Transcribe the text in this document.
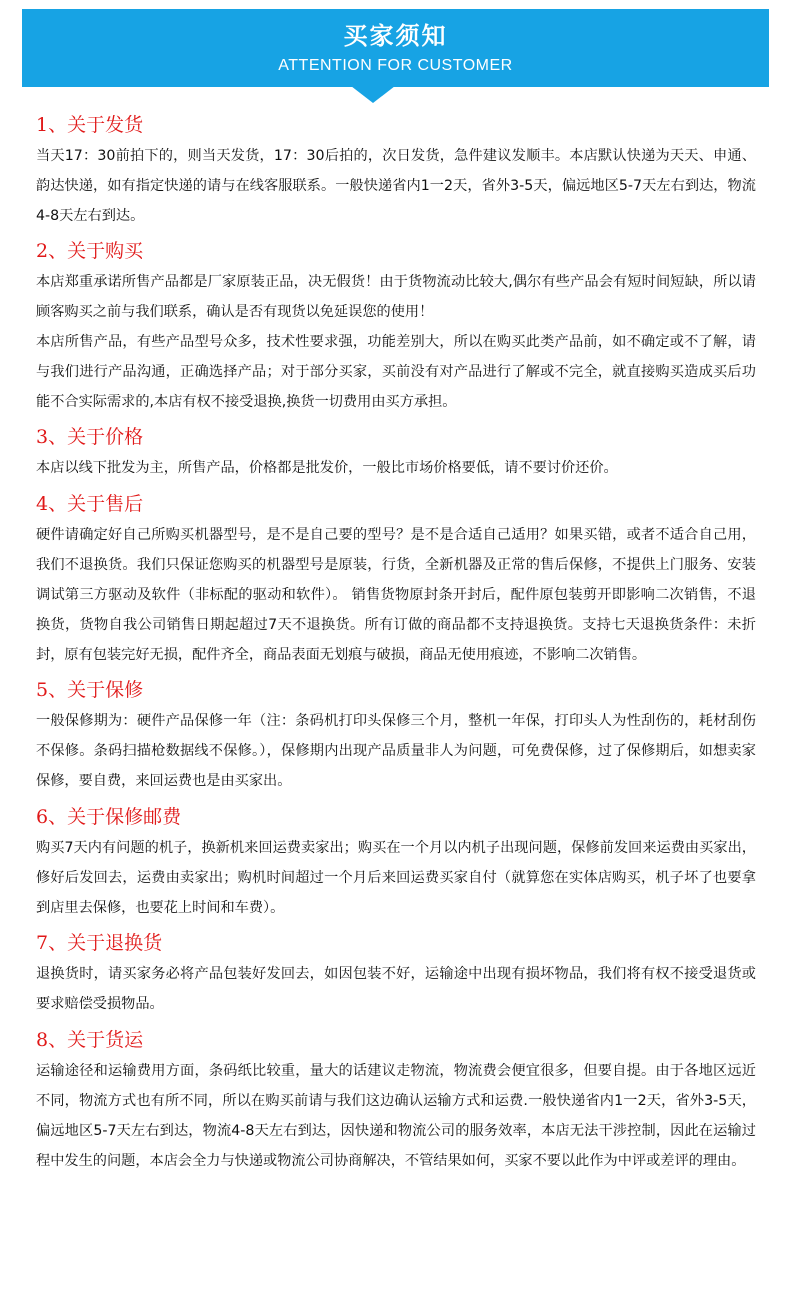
买家须知
ATTENTION FOR CUSTOMER
1、关于发货

当天17：30前拍下的，则当天发货，17：30后拍的，次日发货，急件建议发顺丰。本店默认快递为天天、申通、韵达快递，如有指定快递的请与在线客服联系。一般快递省内1一2天，省外3-5天，偏远地区5-7天左右到达，物流4-8天左右到达。

2、关于购买

本店郑重承诺所售产品都是厂家原装正品，决无假货！由于货物流动比较大,偶尔有些产品会有短时间短缺，所以请顾客购买之前与我们联系，确认是否有现货以免延误您的使用！

本店所售产品，有些产品型号众多，技术性要求强，功能差别大，所以在购买此类产品前，如不确定或不了解，请与我们进行产品沟通，正确选择产品；对于部分买家，买前没有对产品进行了解或不完全，就直接购买造成买后功能不合实际需求的,本店有权不接受退换,换货一切费用由买方承担。

3、关于价格

本店以线下批发为主，所售产品，价格都是批发价，一般比市场价格要低，请不要讨价还价。

4、关于售后

硬件请确定好自己所购买机器型号，是不是自己要的型号？是不是合适自己适用？如果买错，或者不适合自己用，我们不退换货。我们只保证您购买的机器型号是原装，行货，全新机器及正常的售后保修，不提供上门服务、安装调试第三方驱动及软件（非标配的驱动和软件）。 销售货物原封条开封后，配件原包装剪开即影响二次销售，不退换货，货物自我公司销售日期起超过7天不退换货。所有订做的商品都不支持退换货。支持七天退换货条件：未折封，原有包装完好无损，配件齐全，商品表面无划痕与破损，商品无使用痕迹，不影响二次销售。

5、关于保修

一般保修期为：硬件产品保修一年（注：条码机打印头保修三个月，整机一年保，打印头人为性刮伤的，耗材刮伤不保修。条码扫描枪数据线不保修。），保修期内出现产品质量非人为问题，可免费保修，过了保修期后，如想卖家保修，要自费，来回运费也是由买家出。

6、关于保修邮费

购买7天内有问题的机子，换新机来回运费卖家出；购买在一个月以内机子出现问题，保修前发回来运费由买家出，修好后发回去，运费由卖家出；购机时间超过一个月后来回运费买家自付（就算您在实体店购买，机子坏了也要拿到店里去保修，也要花上时间和车费）。

7、关于退换货

退换货时，请买家务必将产品包装好发回去，如因包装不好，运输途中出现有损坏物品，我们将有权不接受退货或要求赔偿受损物品。

8、关于货运

运输途径和运输费用方面，条码纸比较重，量大的话建议走物流，物流费会便宜很多，但要自提。由于各地区远近不同，物流方式也有所不同，所以在购买前请与我们这边确认运输方式和运费.一般快递省内1一2天，省外3-5天，偏远地区5-7天左右到达，物流4-8天左右到达，因快递和物流公司的服务效率，本店无法干涉控制，因此在运输过程中发生的问题，本店会全力与快递或物流公司协商解决，不管结果如何，买家不要以此作为中评或差评的理由。
